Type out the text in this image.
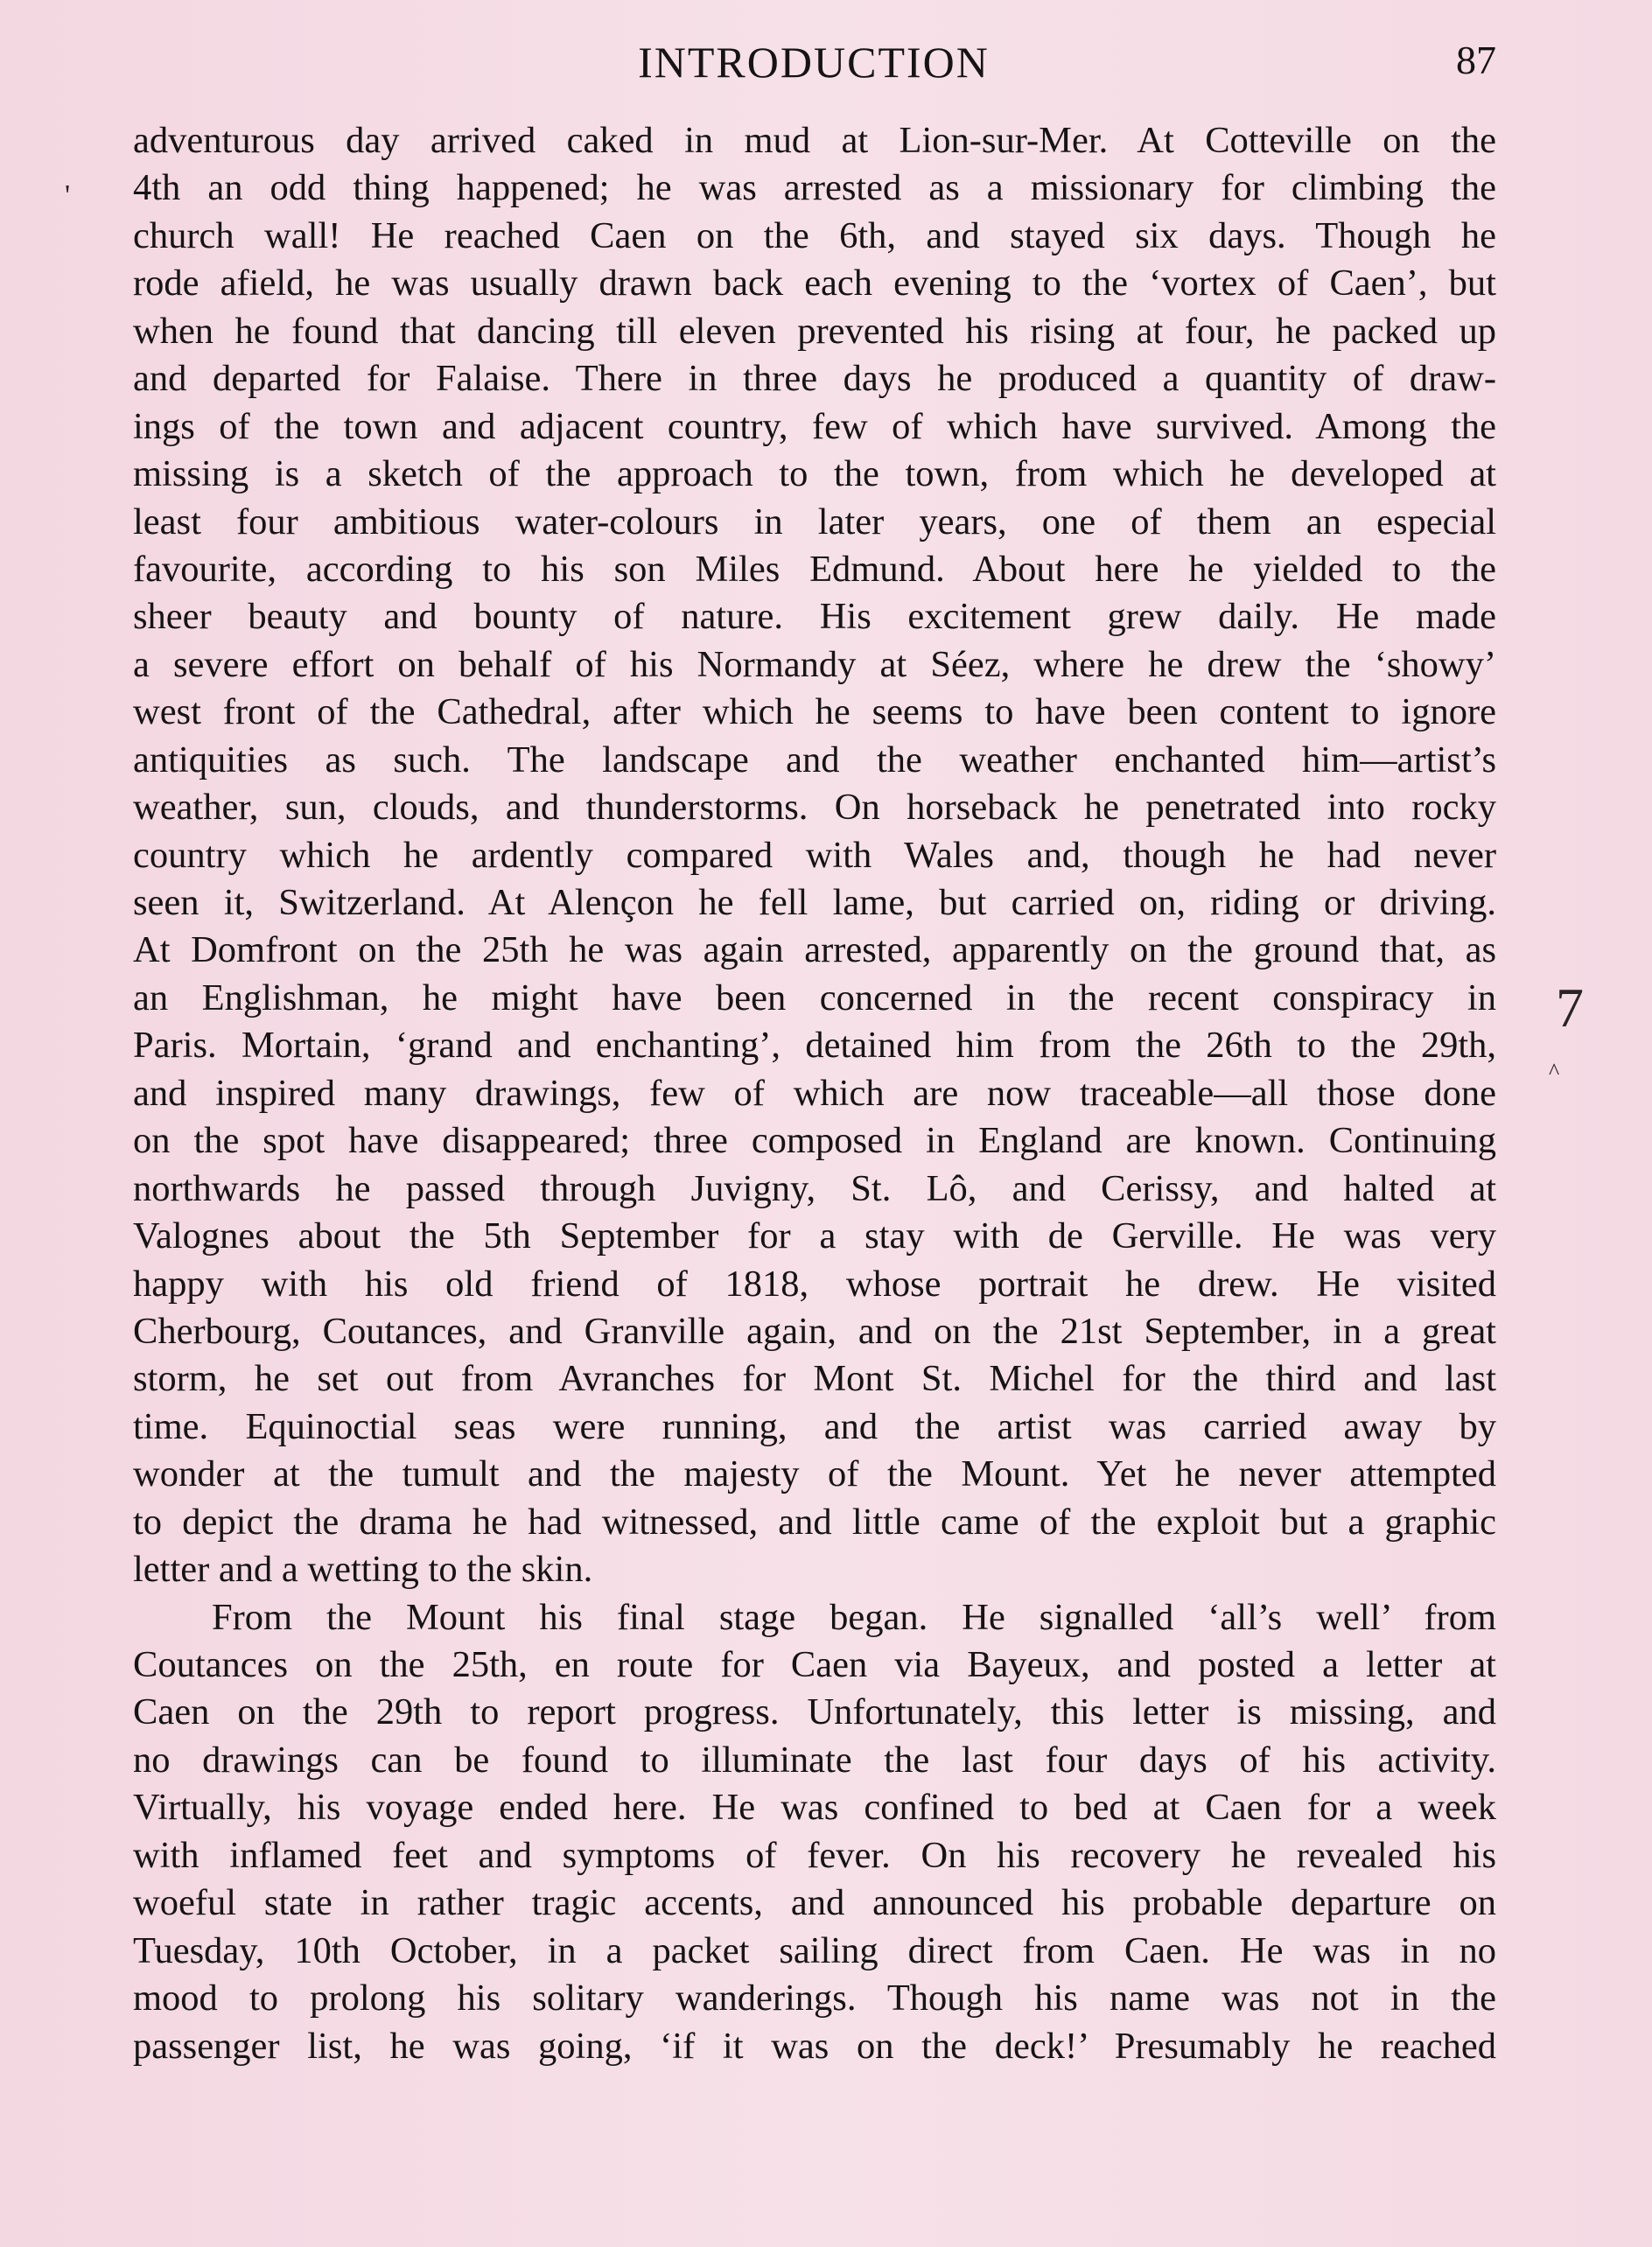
INTRODUCTION	87
'
7
^
adventurous day arrived caked in mud at Lion-sur-Mer. At Cotteville on the
4th an odd thing happened; he was arrested as a missionary for climbing the
church wall! He reached Caen on the 6th, and stayed six days. Though he
rode afield, he was usually drawn back each evening to the ‘vortex of Caen’, but
when he found that dancing till eleven prevented his rising at four, he packed up
and departed for Falaise. There in three days he produced a quantity of draw-
ings of the town and adjacent country, few of which have survived. Among the
missing is a sketch of the approach to the town, from which he developed at
least four ambitious water-colours in later years, one of them an especial
favourite, according to his son Miles Edmund. About here he yielded to the
sheer beauty and bounty of nature. His excitement grew daily. He made
a severe effort on behalf of his Normandy at Séez, where he drew the ‘showy’
west front of the Cathedral, after which he seems to have been content to ignore
antiquities as such. The landscape and the weather enchanted him—artist’s
weather, sun, clouds, and thunderstorms. On horseback he penetrated into rocky
country which he ardently compared with Wales and, though he had never
seen it, Switzerland. At Alençon he fell lame, but carried on, riding or driving.
At Domfront on the 25th he was again arrested, apparently on the ground that, as
an Englishman, he might have been concerned in the recent conspiracy in
Paris. Mortain, ‘grand and enchanting’, detained him from the 26th to the 29th,
and inspired many drawings, few of which are now traceable—all those done
on the spot have disappeared; three composed in England are known. Continuing
northwards he passed through Juvigny, St. Lô, and Cerissy, and halted at
Valognes about the 5th September for a stay with de Gerville. He was very
happy with his old friend of 1818, whose portrait he drew. He visited
Cherbourg, Coutances, and Granville again, and on the 21st September, in a great
storm, he set out from Avranches for Mont St. Michel for the third and last
time. Equinoctial seas were running, and the artist was carried away by
wonder at the tumult and the majesty of the Mount. Yet he never attempted
to depict the drama he had witnessed, and little came of the exploit but a graphic
letter and a wetting to the skin.
From the Mount his final stage began. He signalled ‘all’s well’ from
Coutances on the 25th, en route for Caen via Bayeux, and posted a letter at
Caen on the 29th to report progress. Unfortunately, this letter is missing, and
no drawings can be found to illuminate the last four days of his activity.
Virtually, his voyage ended here. He was confined to bed at Caen for a week
with inflamed feet and symptoms of fever. On his recovery he revealed his
woeful state in rather tragic accents, and announced his probable departure on
Tuesday, 10th October, in a packet sailing direct from Caen. He was in no
mood to prolong his solitary wanderings. Though his name was not in the
passenger list, he was going, ‘if it was on the deck!’ Presumably he reached
